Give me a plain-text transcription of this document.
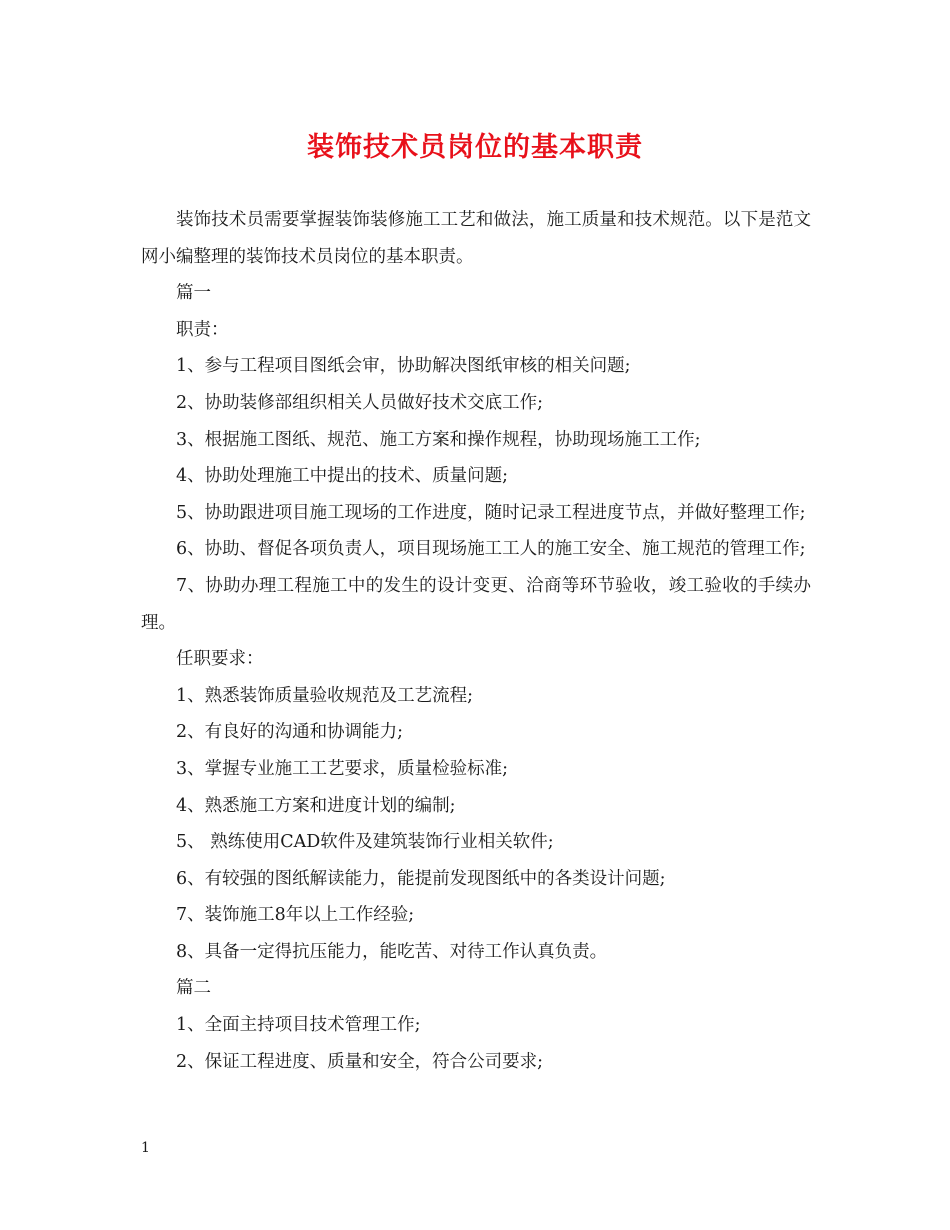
装饰技术员岗位的基本职责

装饰技术员需要掌握装饰装修施工工艺和做法，施工质量和技术规范。以下是范文网小编整理的装饰技术员岗位的基本职责。

篇一

职责：

1、参与工程项目图纸会审，协助解决图纸审核的相关问题;

2、协助装修部组织相关人员做好技术交底工作;

3、根据施工图纸、规范、施工方案和操作规程，协助现场施工工作;

4、协助处理施工中提出的技术、质量问题;

5、协助跟进项目施工现场的工作进度，随时记录工程进度节点，并做好整理工作;

6、协助、督促各项负责人，项目现场施工工人的施工安全、施工规范的管理工作;

7、协助办理工程施工中的发生的设计变更、洽商等环节验收，竣工验收的手续办理。

任职要求：

1、熟悉装饰质量验收规范及工艺流程;

2、有良好的沟通和协调能力;

3、掌握专业施工工艺要求，质量检验标准;

4、熟悉施工方案和进度计划的编制;

5、 熟练使用CAD软件及建筑装饰行业相关软件;

6、有较强的图纸解读能力，能提前发现图纸中的各类设计问题;

7、装饰施工8年以上工作经验;

8、具备一定得抗压能力，能吃苦、对待工作认真负责。

篇二

1、全面主持项目技术管理工作;

2、保证工程进度、质量和安全，符合公司要求;

1
